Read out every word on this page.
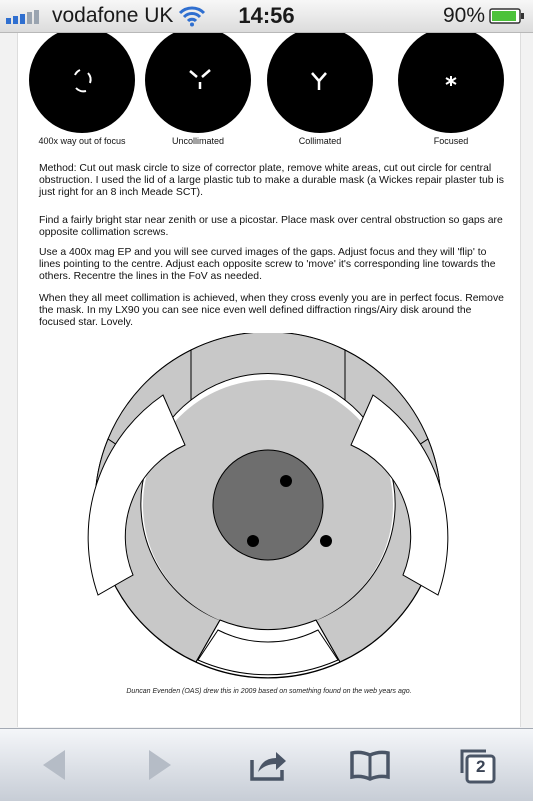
vodafone UK	14:56	90%
400x way out of focus	Uncollimated	Collimated	Focused
Method: Cut out mask circle to size of corrector plate, remove white areas, cut out circle for central obstruction. I used the lid of a large plastic tub to make a durable mask (a Wickes repair plaster tub is just right for an 8 inch Meade SCT).
Find a fairly bright star near zenith or use a picostar. Place mask over central obstruction so gaps are opposite collimation screws.
Use a 400x mag EP and you will see curved images of the gaps. Adjust focus and they will 'flip' to lines pointing to the centre. Adjust each opposite screw to 'move' it's corresponding line towards the others. Recentre the lines in the FoV as needed.
When they all meet collimation is achieved, when they cross evenly you are in perfect focus. Remove the mask. In my LX90 you can see nice even well defined diffraction rings/Airy disk around the focused star. Lovely.
Duncan Evenden (OAS) drew this in 2009 based on something found on the web years ago.
2
